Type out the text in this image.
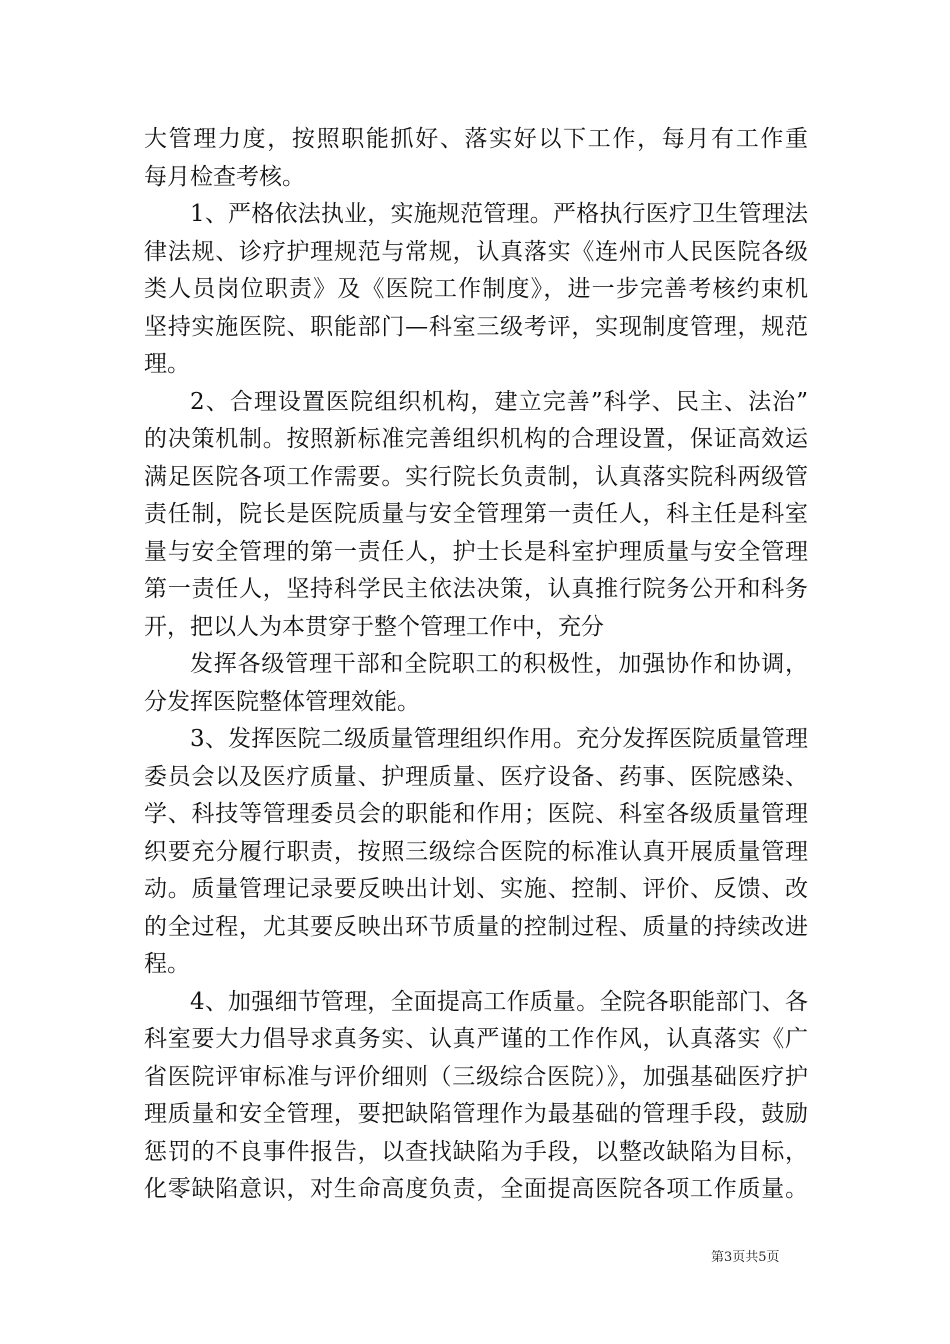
大管理力度，按照职能抓好、落实好以下工作，每月有工作重
每月检查考核。
1、严格依法执业，实施规范管理。严格执行医疗卫生管理法
律法规、诊疗护理规范与常规，认真落实《连州市人民医院各级
类人员岗位职责》及《医院工作制度》，进一步完善考核约束机
坚持实施医院、职能部门—科室三级考评，实现制度管理，规范
理。
2、合理设置医院组织机构，建立完善”科学、民主、法治”
的决策机制。按照新标准完善组织机构的合理设置，保证高效运
满足医院各项工作需要。实行院长负责制，认真落实院科两级管
责任制，院长是医院质量与安全管理第一责任人，科主任是科室
量与安全管理的第一责任人，护士长是科室护理质量与安全管理
第一责任人，坚持科学民主依法决策，认真推行院务公开和科务
开，把以人为本贯穿于整个管理工作中，充分
发挥各级管理干部和全院职工的积极性，加强协作和协调，
分发挥医院整体管理效能。
3、发挥医院二级质量管理组织作用。充分发挥医院质量管理
委员会以及医疗质量、护理质量、医疗设备、药事、医院感染、
学、科技等管理委员会的职能和作用；医院、科室各级质量管理
织要充分履行职责，按照三级综合医院的标准认真开展质量管理
动。质量管理记录要反映出计划、实施、控制、评价、反馈、改
的全过程，尤其要反映出环节质量的控制过程、质量的持续改进
程。
4、加强细节管理，全面提高工作质量。全院各职能部门、各
科室要大力倡导求真务实、认真严谨的工作作风，认真落实《广
省医院评审标准与评价细则（三级综合医院）》，加强基础医疗护
理质量和安全管理，要把缺陷管理作为最基础的管理手段，鼓励
惩罚的不良事件报告，以查找缺陷为手段，以整改缺陷为目标，
化零缺陷意识，对生命高度负责，全面提高医院各项工作质量。
第3页共5页
